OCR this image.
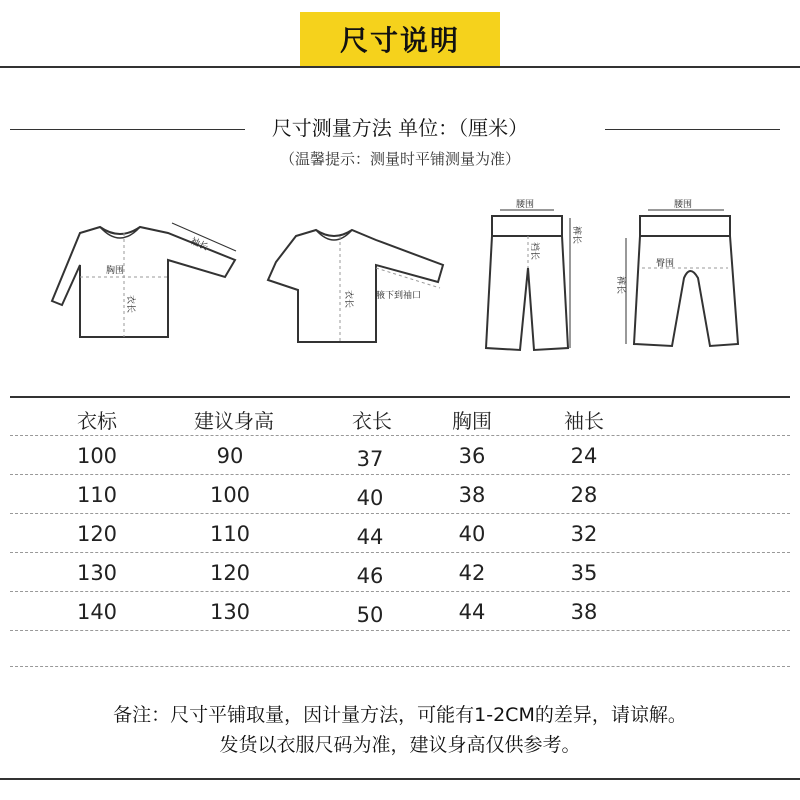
尺寸说明
尺寸测量方法 单位：（厘米）
（温馨提示：测量时平铺测量为准）
袖长
胸围
衣长	衣长	腋下到袖口
腰围
裆长
裤长
腰围
臀围
裤长
衣标	建议身高	衣长	胸围	袖长
100	90	37	36	24
110	100	40	38	28
120	110	44	40	32
130	120	46	42	35
140	130	50	44	38
备注：尺寸平铺取量，因计量方法，可能有1-2CM的差异，请谅解。
发货以衣服尺码为准，建议身高仅供参考。
